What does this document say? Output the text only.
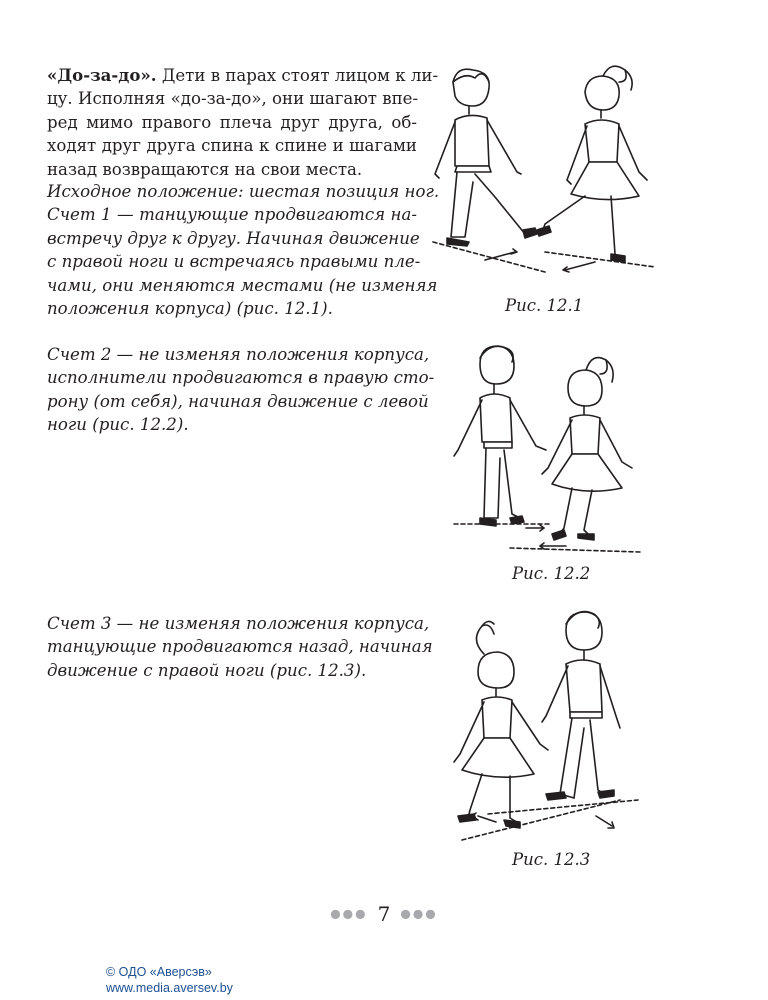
«До-за-до». Дети в парах стоят лицом к ли-
цу. Исполняя «до-за-до», они шагают впе-
ред мимо правого плеча друг друга, об-
ходят друг друга спина к спине и шагами
назад возвращаются на свои места.

Исходное положение: шестая позиция ног.
Счет 1 — танцующие продвигаются на-
встречу друг к другу. Начиная движение
с правой ноги и встречаясь правыми пле-
чами, они меняются местами (не изменяя
положения корпуса) (рис. 12.1).

Счет 2 — не изменяя положения корпуса,
исполнители продвигаются в правую сто-
рону (от себя), начиная движение с левой
ноги (рис. 12.2).

Счет 3 — не изменяя положения корпуса,
танцующие продвигаются назад, начиная
движение с правой ноги (рис. 12.3).

Рис. 12.1
Рис. 12.2
Рис. 12.3
●●● 7 ●●●
© ОДО «Аверсэв»
www.media.aversev.by
